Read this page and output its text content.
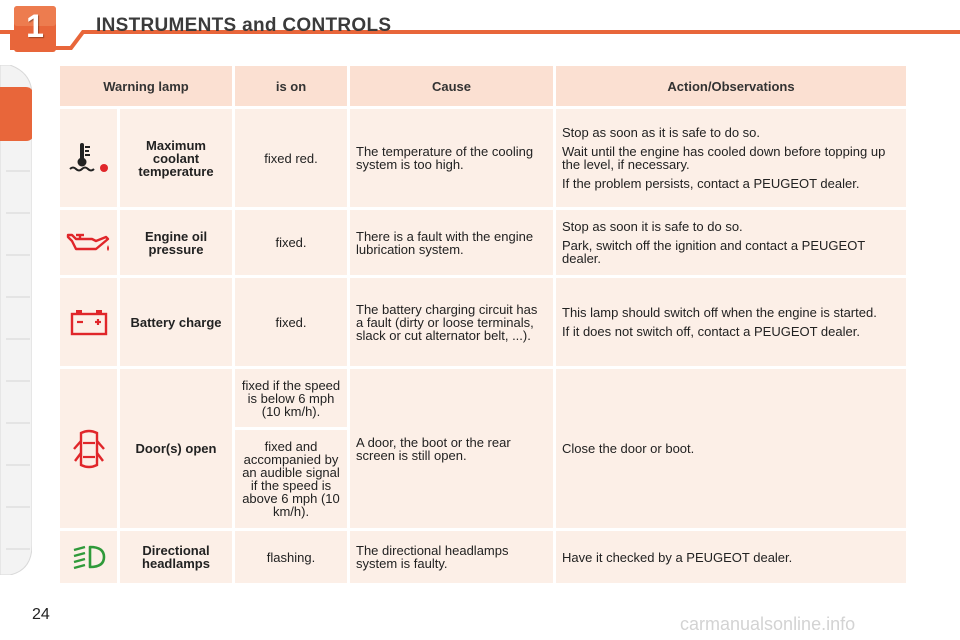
1	INSTRUMENTS and CONTROLS
Warning lamp		is on	Cause	Action/Observations

	Maximum coolant temperature	fixed red.	The temperature of the cooling system is too high.	Stop as soon as it is safe to do so.

Wait until the engine has cooled down before topping up the level, if necessary.

If the problem persists, contact a PEUGEOT dealer.

	Engine oil pressure	fixed.	There is a fault with the engine lubrication system.	Stop as soon it is safe to do so.

Park, switch off the ignition and contact a PEUGEOT dealer.

	Battery charge	fixed.	The battery charging circuit has a fault (dirty or loose terminals, slack or cut alternator belt, ...).	This lamp should switch off when the engine is started.

If it does not switch off, contact a PEUGEOT dealer.

	Door(s) open	fixed if the speed is below 6 mph (10 km/h).	A door, the boot or the rear screen is still open.	Close the door or boot.

		fixed and accompanied by an audible signal if the speed is above 6 mph (10 km/h).		

	Directional headlamps	flashing.	The directional headlamps system is faulty.	Have it checked by a PEUGEOT dealer.

24	carmanualsonline.info
